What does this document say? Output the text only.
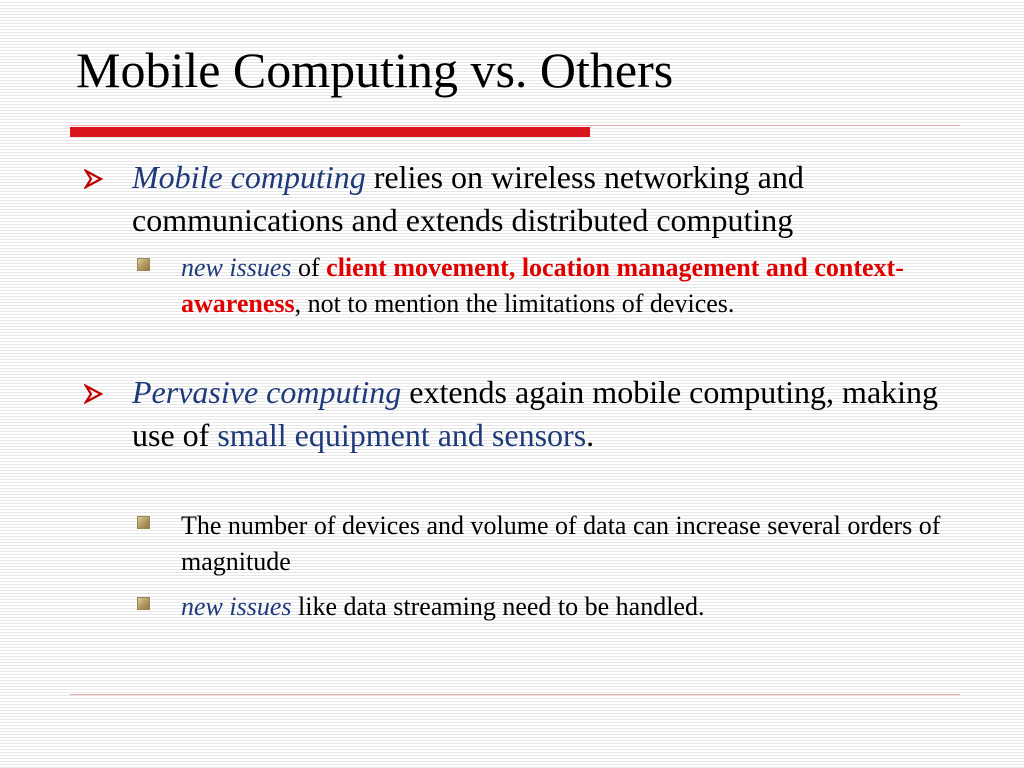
Mobile Computing vs. Others
Mobile computing relies on wireless networking and communications and extends distributed computing
new issues of client movement, location management and context-awareness, not to mention the limitations of devices.
Pervasive computing extends again mobile computing, making use of small equipment and sensors.
The number of devices and volume of data can increase several orders of magnitude
new issues like data streaming need to be handled.
